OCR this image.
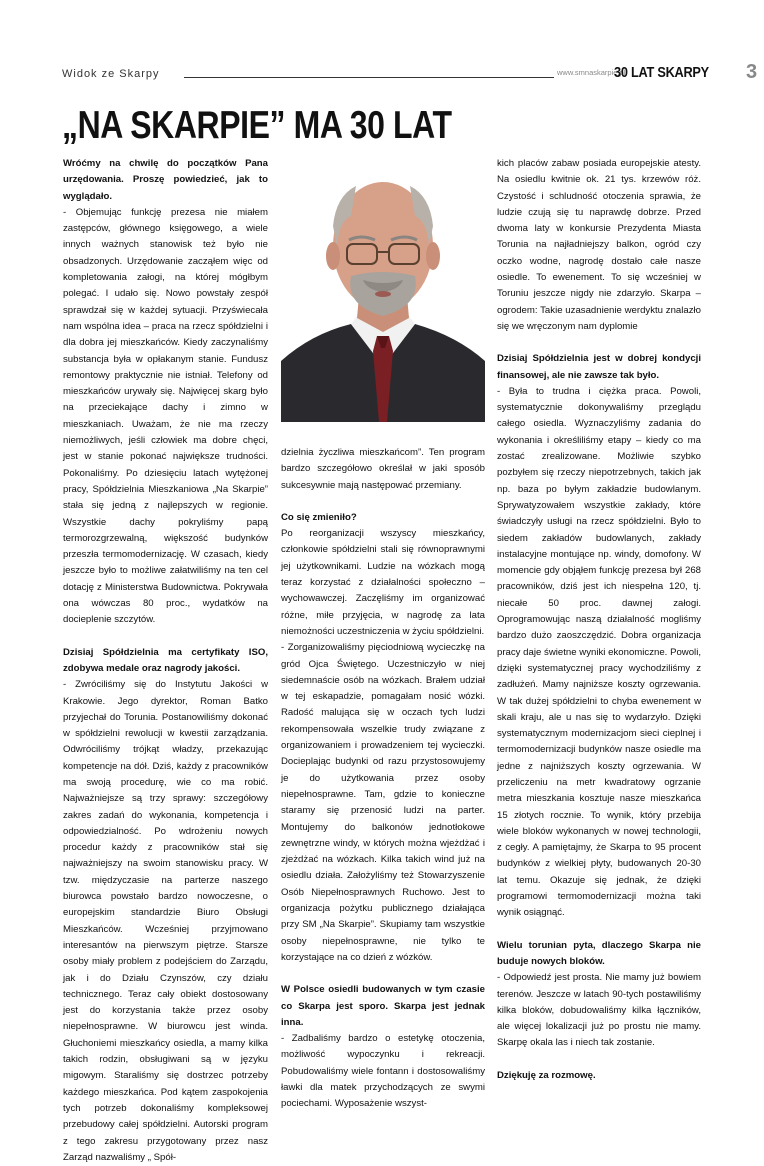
Widok ze Skarpy	www.smnaskarpie.pl
30 LAT SKARPY 3
„NA SKARPIE” MA 30 LAT

Wróćmy na chwilę do początków Pana urzędowania. Proszę powiedzieć, jak to wyglądało.

- Objemując funkcję prezesa nie miałem zastępców, głównego księgowego, a wiele innych ważnych stanowisk też było nie obsadzonych. Urzędowanie zacząłem więc od kompletowania załogi, na której mógłbym polegać. I udało się. Nowo powstały zespół sprawdzał się w każdej sytuacji. Przyświecała nam wspólna idea – praca na rzecz spółdzielni i dla dobra jej mieszkańców. Kiedy zaczynaliśmy substancja była w opłakanym stanie. Fundusz remontowy praktycznie nie istniał. Telefony od mieszkańców urywały się. Najwięcej skarg było na przeciekające dachy i zimno w mieszkaniach. Uważam, że nie ma rzeczy niemożliwych, jeśli człowiek ma dobre chęci, jest w stanie pokonać największe trudności. Pokonaliśmy. Po dziesięciu latach wytężonej pracy, Spółdzielnia Mieszkaniowa „Na Skarpie” stała się jedną z najlepszych w regionie. Wszystkie dachy pokryliśmy papą termorozgrzewalną, większość budynków przeszła termomodernizację. W czasach, kiedy jeszcze było to możliwe załatwiliśmy na ten cel dotację z Ministerstwa Budownictwa. Pokrywała ona wówczas 80 proc., wydatków na docieplenie szczytów.

Dzisiaj Spółdzielnia ma certyfikaty ISO, zdobywa medale oraz nagrody jakości.

- Zwróciliśmy się do Instytutu Jakości w Krakowie. Jego dyrektor, Roman Batko przyjechał do Torunia. Postanowiliśmy dokonać w spółdzielni rewolucji w kwestii zarządzania. Odwróciliśmy trójkąt władzy, przekazując kompetencje na dół. Dziś, każdy z pracowników ma swoją procedurę, wie co ma robić. Najważniejsze są trzy sprawy: szczegółowy zakres zadań do wykonania, kompetencja i odpowiedzialność. Po wdrożeniu nowych procedur każdy z pracowników stał się najważniejszy na swoim stanowisku pracy. W tzw. międzyczasie na parterze naszego biurowca powstało bardzo nowoczesne, o europejskim standardzie Biuro Obsługi Mieszkańców. Wcześniej przyjmowano interesantów na pierwszym piętrze. Starsze osoby miały problem z podejściem do Zarządu, jak i do Działu Czynszów, czy działu technicznego. Teraz cały obiekt dostosowany jest do korzystania także przez osoby niepełnosprawne. W biurowcu jest winda. Głuchoniemi mieszkańcy osiedla, a mamy kilka takich rodzin, obsługiwani są w języku migowym. Staraliśmy się dostrzec potrzeby każdego mieszkańca. Pod kątem zaspokojenia tych potrzeb dokonaliśmy kompleksowej przebudowy całej spółdzielni. Autorski program z tego zakresu przygotowany przez nasz Zarząd nazwaliśmy „ Spół-

dzielnia życzliwa mieszkańcom”. Ten program bardzo szczegółowo określał w jaki sposób sukcesywnie mają następować przemiany.

Co się zmieniło?

Po reorganizacji wszyscy mieszkańcy, członkowie spółdzielni stali się równoprawnymi jej użytkownikami. Ludzie na wózkach mogą teraz korzystać z działalności społeczno – wychowawczej. Zaczęliśmy im organizować różne, miłe przyjęcia, w nagrodę za lata niemożności uczestniczenia w życiu spółdzielni.

- Zorganizowaliśmy pięciodniową wycieczkę na gród Ojca Świętego. Uczestniczyło w niej siedemnaście osób na wózkach. Brałem udział w tej eskapadzie, pomagałam nosić wózki. Radość malująca się w oczach tych ludzi rekompensowała wszelkie trudy związane z organizowaniem i prowadzeniem tej wycieczki. Docieplając budynki od razu przystosowujemy je do użytkowania przez osoby niepełnosprawne. Tam, gdzie to konieczne staramy się przenosić ludzi na parter. Montujemy do balkonów jednotłokowe zewnętrzne windy, w których można wjeżdżać i zjeżdżać na wózkach. Kilka takich wind już na osiedlu działa. Założyliśmy też Stowarzyszenie Osób Niepełnosprawnych Ruchowo. Jest to organizacja pożytku publicznego działająca przy SM „Na Skarpie”. Skupiamy tam wszystkie osoby niepełnosprawne, nie tylko te korzystające na co dzień z wózków.

W Polsce osiedli budowanych w tym czasie co Skarpa jest sporo. Skarpa jest jednak inna.

- Zadbaliśmy bardzo o estetykę otoczenia, możliwość wypoczynku i rekreacji. Pobudowaliśmy wiele fontann i dostosowaliśmy ławki dla matek przychodzących ze swymi pociechami. Wyposażenie wszyst-

kich placów zabaw posiada europejskie atesty. Na osiedlu kwitnie ok. 21 tys. krzewów róż. Czystość i schludność otoczenia sprawia, że ludzie czują się tu naprawdę dobrze. Przed dwoma laty w konkursie Prezydenta Miasta Torunia na najładniejszy balkon, ogród czy oczko wodne, nagrodę dostało całe nasze osiedle. To ewenement. To się wcześniej w Toruniu jeszcze nigdy nie zdarzyło. Skarpa – ogrodem: Takie uzasadnienie werdyktu znalazło się we wręczonym nam dyplomie

Dzisiaj Spółdzielnia jest w dobrej kondycji finansowej, ale nie zawsze tak było.

- Była to trudna i ciężka praca. Powoli, systematycznie dokonywaliśmy przeglądu całego osiedla. Wyznaczyliśmy zadania do wykonania i określiliśmy etapy – kiedy co ma zostać zrealizowane. Możliwie szybko pozbyłem się rzeczy niepotrzebnych, takich jak np. baza po byłym zakładzie budowlanym. Sprywatyzowałem wszystkie zakłady, które świadczyły usługi na rzecz spółdzielni. Było to siedem zakładów budowlanych, zakłady instalacyjne montujące np. windy, domofony. W momencie gdy objąłem funkcję prezesa był 268 pracowników, dziś jest ich niespełna 120, tj. niecałe 50 proc. dawnej załogi. Oprogramowując naszą działalność mogliśmy bardzo dużo zaoszczędzić. Dobra organizacja pracy daje świetne wyniki ekonomiczne. Powoli, dzięki systematycznej pracy wychodziliśmy z zadłużeń. Mamy najniższe koszty ogrzewania. W tak dużej spółdzielni to chyba ewenement w skali kraju, ale u nas się to wydarzyło. Dzięki systematycznym modernizacjom sieci cieplnej i termomodernizacji budynków nasze osiedle ma jedne z najniższych koszty ogrzewania. W przeliczeniu na metr kwadratowy ogrzanie metra mieszkania kosztuje nasze mieszkańca 15 złotych rocznie. To wynik, który przebija wiele bloków wykonanych w nowej technologii, z cegły. A pamiętajmy, że Skarpa to 95 procent budynków z wielkiej płyty, budowanych 20-30 lat temu. Okazuje się jednak, że dzięki programowi termomodernizacji można taki wynik osiągnąć.

Wielu torunian pyta, dlaczego Skarpa nie buduje nowych bloków.

- Odpowiedź jest prosta. Nie mamy już bowiem terenów. Jeszcze w latach 90-tych postawiliśmy kilka bloków, dobudowaliśmy kilka łączników, ale więcej lokalizacji już po prostu nie mamy. Skarpę okala las i niech tak zostanie.

Dziękuję za rozmowę.
